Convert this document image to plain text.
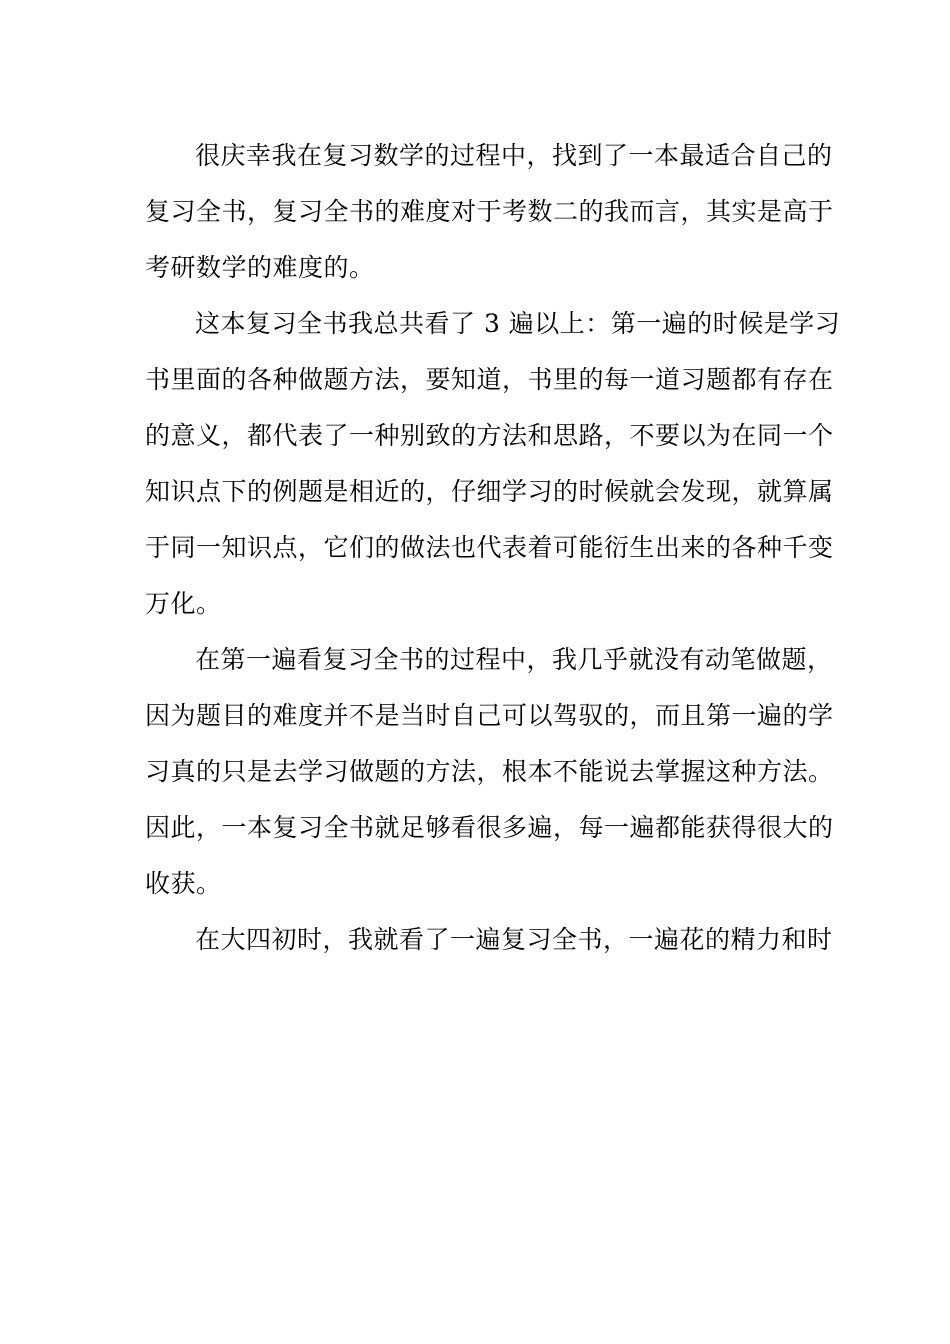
很庆幸我在复习数学的过程中，找到了一本最适合自己的
复习全书，复习全书的难度对于考数二的我而言，其实是高于
考研数学的难度的。
这本复习全书我总共看了 3 遍以上：第一遍的时候是学习
书里面的各种做题方法，要知道，书里的每一道习题都有存在
的意义，都代表了一种别致的方法和思路，不要以为在同一个
知识点下的例题是相近的，仔细学习的时候就会发现，就算属
于同一知识点，它们的做法也代表着可能衍生出来的各种千变
万化。
在第一遍看复习全书的过程中，我几乎就没有动笔做题，
因为题目的难度并不是当时自己可以驾驭的，而且第一遍的学
习真的只是去学习做题的方法，根本不能说去掌握这种方法。
因此，一本复习全书就足够看很多遍，每一遍都能获得很大的
收获。
在大四初时，我就看了一遍复习全书，一遍花的精力和时
